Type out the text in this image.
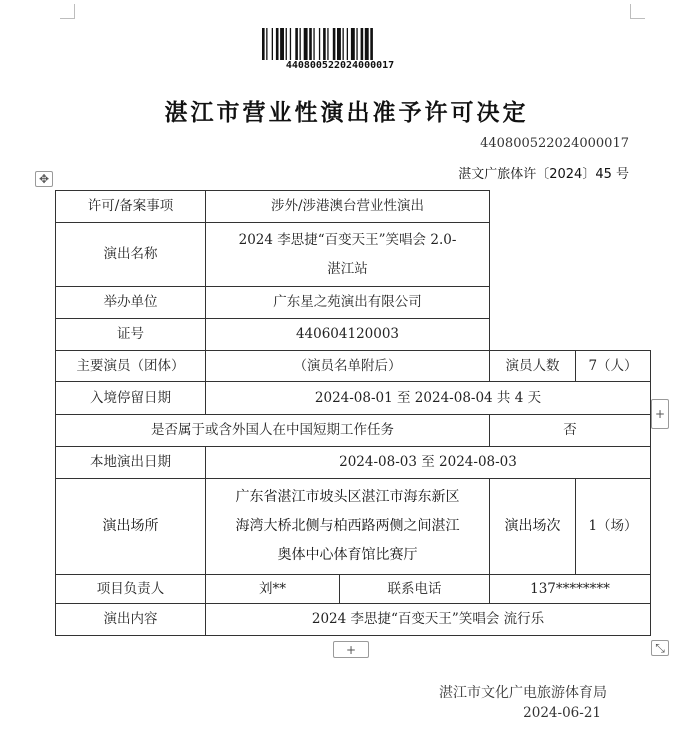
440800522024000017
湛江市营业性演出准予许可决定
440800522024000017
湛文广旅体许〔2024〕45 号
✥
许可/备案事项	涉外/涉港澳台营业性演出			
演出名称	2024 李思捷“百变天王”笑唱会 2.0-
湛江站			

举办单位	广东星之苑演出有限公司			
证号	440604120003			
主要演员（团体）	（演员名单附后）		演员人数	7（人）
入境停留日期	2024-08-01 至 2024-08-04 共 4 天			
是否属于或含外国人在中国短期工作任务			否	
本地演出日期	2024-08-03 至 2024-08-03			
演出场所	广东省湛江市坡头区湛江市海东新区
海湾大桥北侧与柏西路两侧之间湛江
奥体中心体育馆比赛厅		演出场次	1（场）
项目负责人	刘**	联系电话	137********	
演出内容	2024 李思捷“百变天王”笑唱会 流行乐			
+
+	⤡
湛江市文化广电旅游体育局
2024-06-21
